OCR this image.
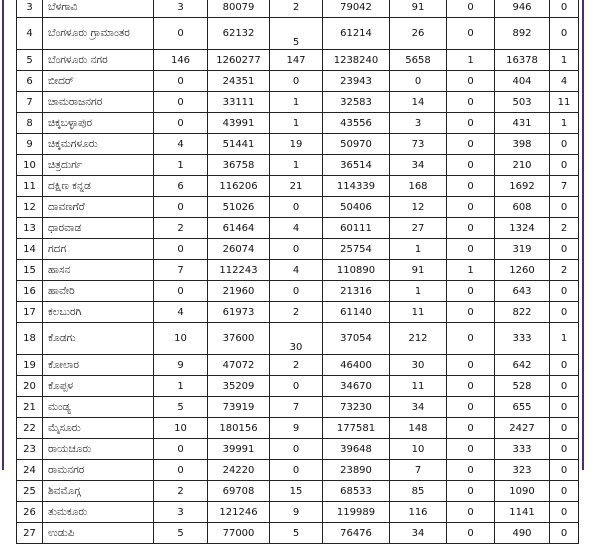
3	ಬೆಳಗಾವಿ	3	80079	2	79042	91	0	946	0
4	ಬೆಂಗಳೂರು ಗ್ರಾಮಾಂತರ	0	62132	5	61214	26	0	892	0
5	ಬೆಂಗಳೂರು ನಗರ	146	1260277	147	1238240	5658	1	16378	1
6	ಬೀದರ್	0	24351	0	23943	0	0	404	4
7	ಚಾಮರಾಜನಗರ	0	33111	1	32583	14	0	503	11
8	ಚಿಕ್ಕಬಳ್ಳಾಪುರ	0	43991	1	43556	3	0	431	1
9	ಚಿಕ್ಕಮಗಳೂರು	4	51441	19	50970	73	0	398	0
10	ಚಿತ್ರದುರ್ಗ	1	36758	1	36514	34	0	210	0
11	ದಕ್ಷಿಣ ಕನ್ನಡ	6	116206	21	114339	168	0	1692	7
12	ದಾವಣಗೆರೆ	0	51026	0	50406	12	0	608	0
13	ಧಾರವಾಡ	2	61464	4	60111	27	0	1324	2
14	ಗದಗ	0	26074	0	25754	1	0	319	0
15	ಹಾಸನ	7	112243	4	110890	91	1	1260	2
16	ಹಾವೇರಿ	0	21960	0	21316	1	0	643	0
17	ಕಲಬುರಗಿ	4	61973	2	61140	11	0	822	0
18	ಕೊಡಗು	10	37600	30	37054	212	0	333	1
19	ಕೋಲಾರ	9	47072	2	46400	30	0	642	0
20	ಕೊಪ್ಪಳ	1	35209	0	34670	11	0	528	0
21	ಮಂಡ್ಯ	5	73919	7	73230	34	0	655	0
22	ಮೈಸೂರು	10	180156	9	177581	148	0	2427	0
23	ರಾಯಚೂರು	0	39991	0	39648	10	0	333	0
24	ರಾಮನಗರ	0	24220	0	23890	7	0	323	0
25	ಶಿವಮೊಗ್ಗ	2	69708	15	68533	85	0	1090	0
26	ತುಮಕೂರು	3	121246	9	119989	116	0	1141	0
27	ಉಡುಪಿ	5	77000	5	76476	34	0	490	0
